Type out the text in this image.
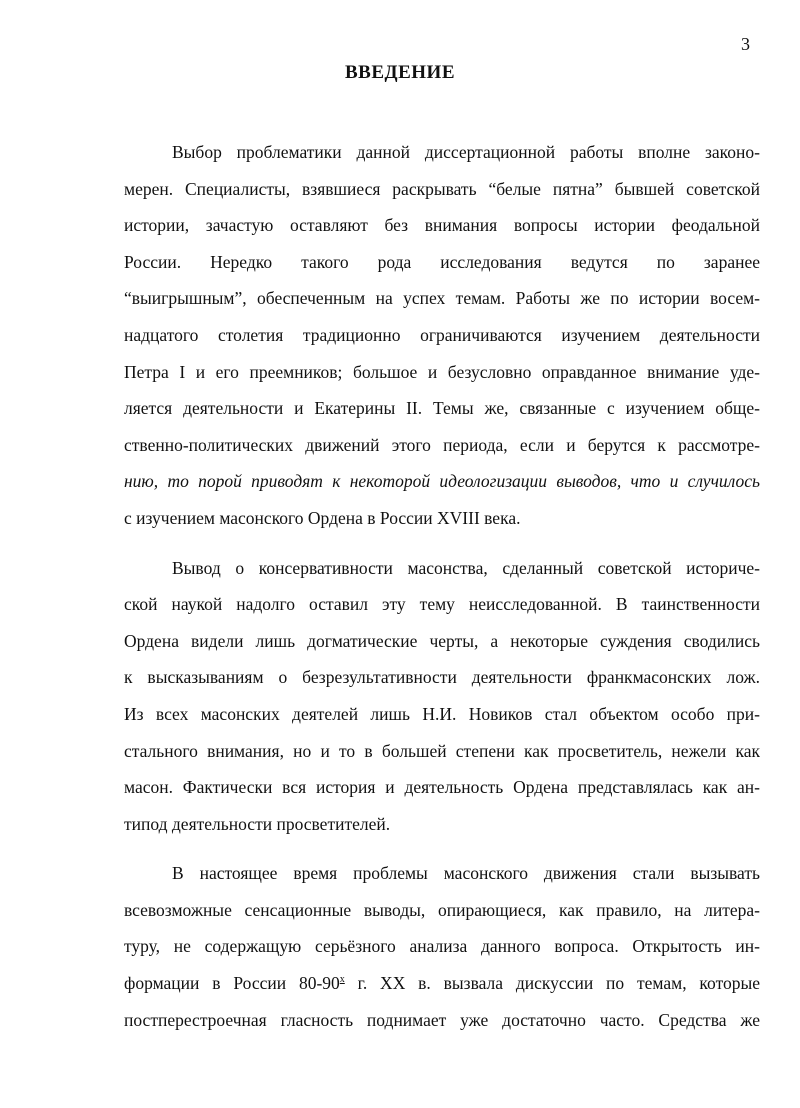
3
ВВЕДЕНИЕ
Выбор проблематики данной диссертационной работы вполне законо-
мерен. Специалисты, взявшиеся раскрывать “белые пятна” бывшей советской
истории, зачастую оставляют без внимания вопросы истории феодальной
России. Нередко такого рода исследования ведутся по заранее
“выигрышным”, обеспеченным на успех темам. Работы же по истории восем-
надцатого столетия традиционно ограничиваются изучением деятельности
Петра I и его преемников; большое и безусловно оправданное внимание уде-
ляется деятельности и Екатерины II. Темы же, связанные с изучением обще-
ственно-политических движений этого периода, если и берутся к рассмотре-
нию, то порой приводят к некоторой идеологизации выводов, что и случилось
с изучением масонского Ордена в России XVIII века.
Вывод о консервативности масонства, сделанный советской историче-
ской наукой надолго оставил эту тему неисследованной. В таинственности
Ордена видели лишь догматические черты, а некоторые суждения сводились
к высказываниям о безрезультативности деятельности франкмасонских лож.
Из всех масонских деятелей лишь Н.И. Новиков стал объектом особо при-
стального внимания, но и то в большей степени как просветитель, нежели как
масон. Фактически вся история и деятельность Ордена представлялась как ан-
типод деятельности просветителей.
В настоящее время проблемы масонского движения стали вызывать
всевозможные сенсационные выводы, опирающиеся, как правило, на литера-
туру, не содержащую серьёзного анализа данного вопроса. Открытость ин-
формации в России $80-90^х$ г. XX в. вызвала дискуссии по темам, которые
постперестроечная гласность поднимает уже достаточно часто. Средства же
